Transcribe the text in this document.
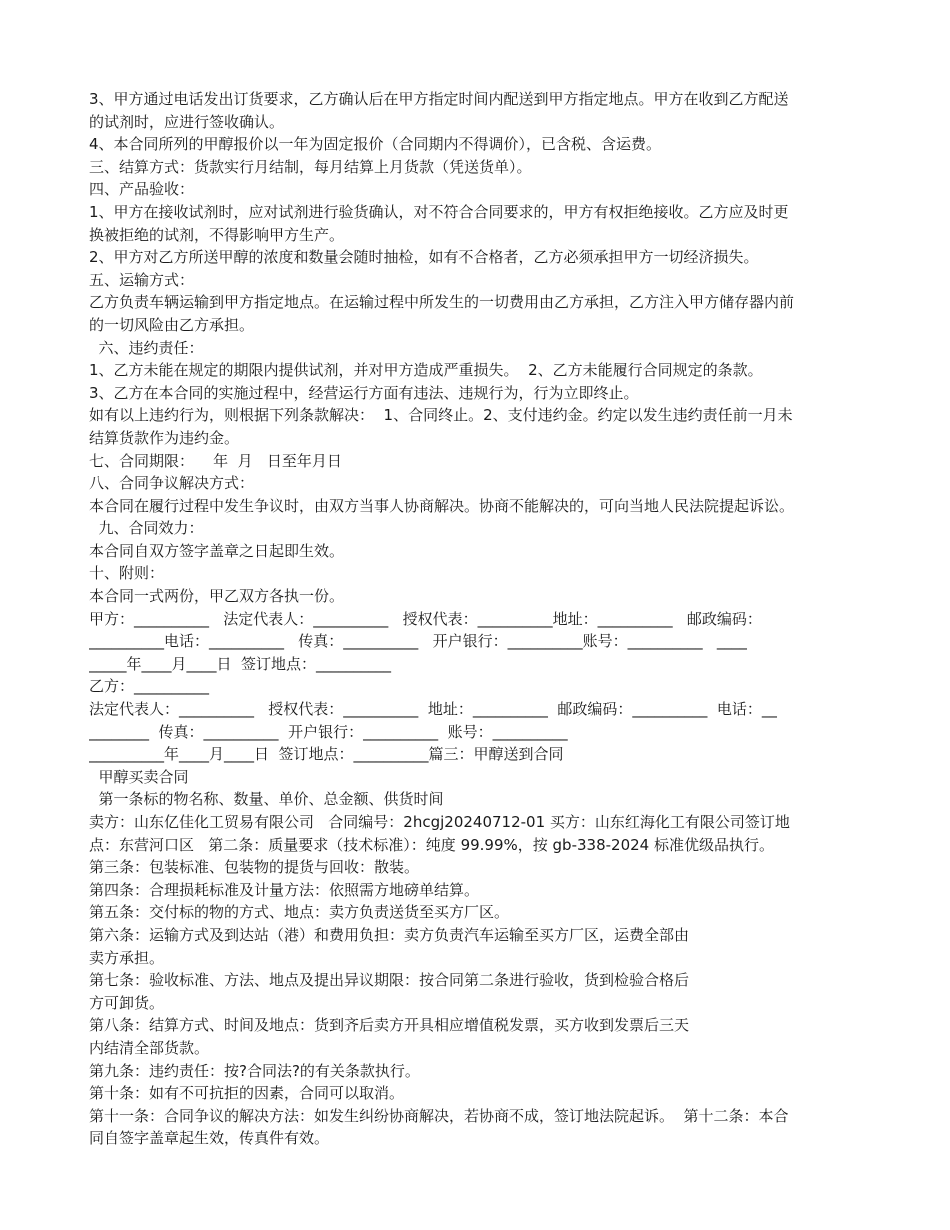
3、甲方通过电话发出订货要求，乙方确认后在甲方指定时间内配送到甲方指定地点。甲方在收到乙方配送
的试剂时，应进行签收确认。
4、本合同所列的甲醇报价以一年为固定报价（合同期内不得调价），已含税、含运费。
三、结算方式：货款实行月结制，每月结算上月货款（凭送货单）。
四、产品验收：
1、甲方在接收试剂时，应对试剂进行验货确认，对不符合合同要求的，甲方有权拒绝接收。乙方应及时更
换被拒绝的试剂，不得影响甲方生产。
2、甲方对乙方所送甲醇的浓度和数量会随时抽检，如有不合格者，乙方必须承担甲方一切经济损失。
五、运输方式：
乙方负责车辆运输到甲方指定地点。在运输过程中所发生的一切费用由乙方承担，乙方注入甲方储存器内前
的一切风险由乙方承担。
六、违约责任：
1、乙方未能在规定的期限内提供试剂，并对甲方造成严重损失。  2、乙方未能履行合同规定的条款。
3、乙方在本合同的实施过程中，经营运行方面有违法、违规行为，行为立即终止。
如有以上违约行为，则根据下列条款解决：  1、合同终止。2、支付违约金。约定以发生违约责任前一月未
结算货款作为违约金。
七、合同期限：    年  月   日至年月日
八、合同争议解决方式：
本合同在履行过程中发生争议时，由双方当事人协商解决。协商不能解决的，可向当地人民法院提起诉讼。
九、合同效力：
本合同自双方签字盖章之日起即生效。
十、附则：
本合同一式两份，甲乙双方各执一份。
甲方：__________   法定代表人：__________   授权代表：__________地址：__________   邮政编码：
__________电话：__________   传真：__________   开户银行：__________账号：__________   ____
_____年____月____日  签订地点：__________
乙方：__________
法定代表人：__________   授权代表：__________  地址：__________  邮政编码：__________  电话：__
________  传真：__________  开户银行：__________  账号：__________
__________年____月____日  签订地点：__________篇三：甲醇送到合同
甲醇买卖合同
第一条标的物名称、数量、单价、总金额、供货时间
卖方：山东亿佳化工贸易有限公司   合同编号：2hcgj20240712-01 买方：山东红海化工有限公司签订地
点：东营河口区   第二条：质量要求（技术标准）：纯度 99.99%，按 gb-338-2024 标准优级品执行。
第三条：包装标准、包装物的提货与回收：散装。
第四条：合理损耗标准及计量方法：依照需方地磅单结算。
第五条：交付标的物的方式、地点：卖方负责送货至买方厂区。
第六条：运输方式及到达站（港）和费用负担：卖方负责汽车运输至买方厂区，运费全部由
卖方承担。
第七条：验收标准、方法、地点及提出异议期限：按合同第二条进行验收，货到检验合格后
方可卸货。
第八条：结算方式、时间及地点：货到齐后卖方开具相应增值税发票，买方收到发票后三天
内结清全部货款。
第九条：违约责任：按?合同法?的有关条款执行。
第十条：如有不可抗拒的因素，合同可以取消。
第十一条：合同争议的解决方法：如发生纠纷协商解决，若协商不成，签订地法院起诉。  第十二条：本合
同自签字盖章起生效，传真件有效。
